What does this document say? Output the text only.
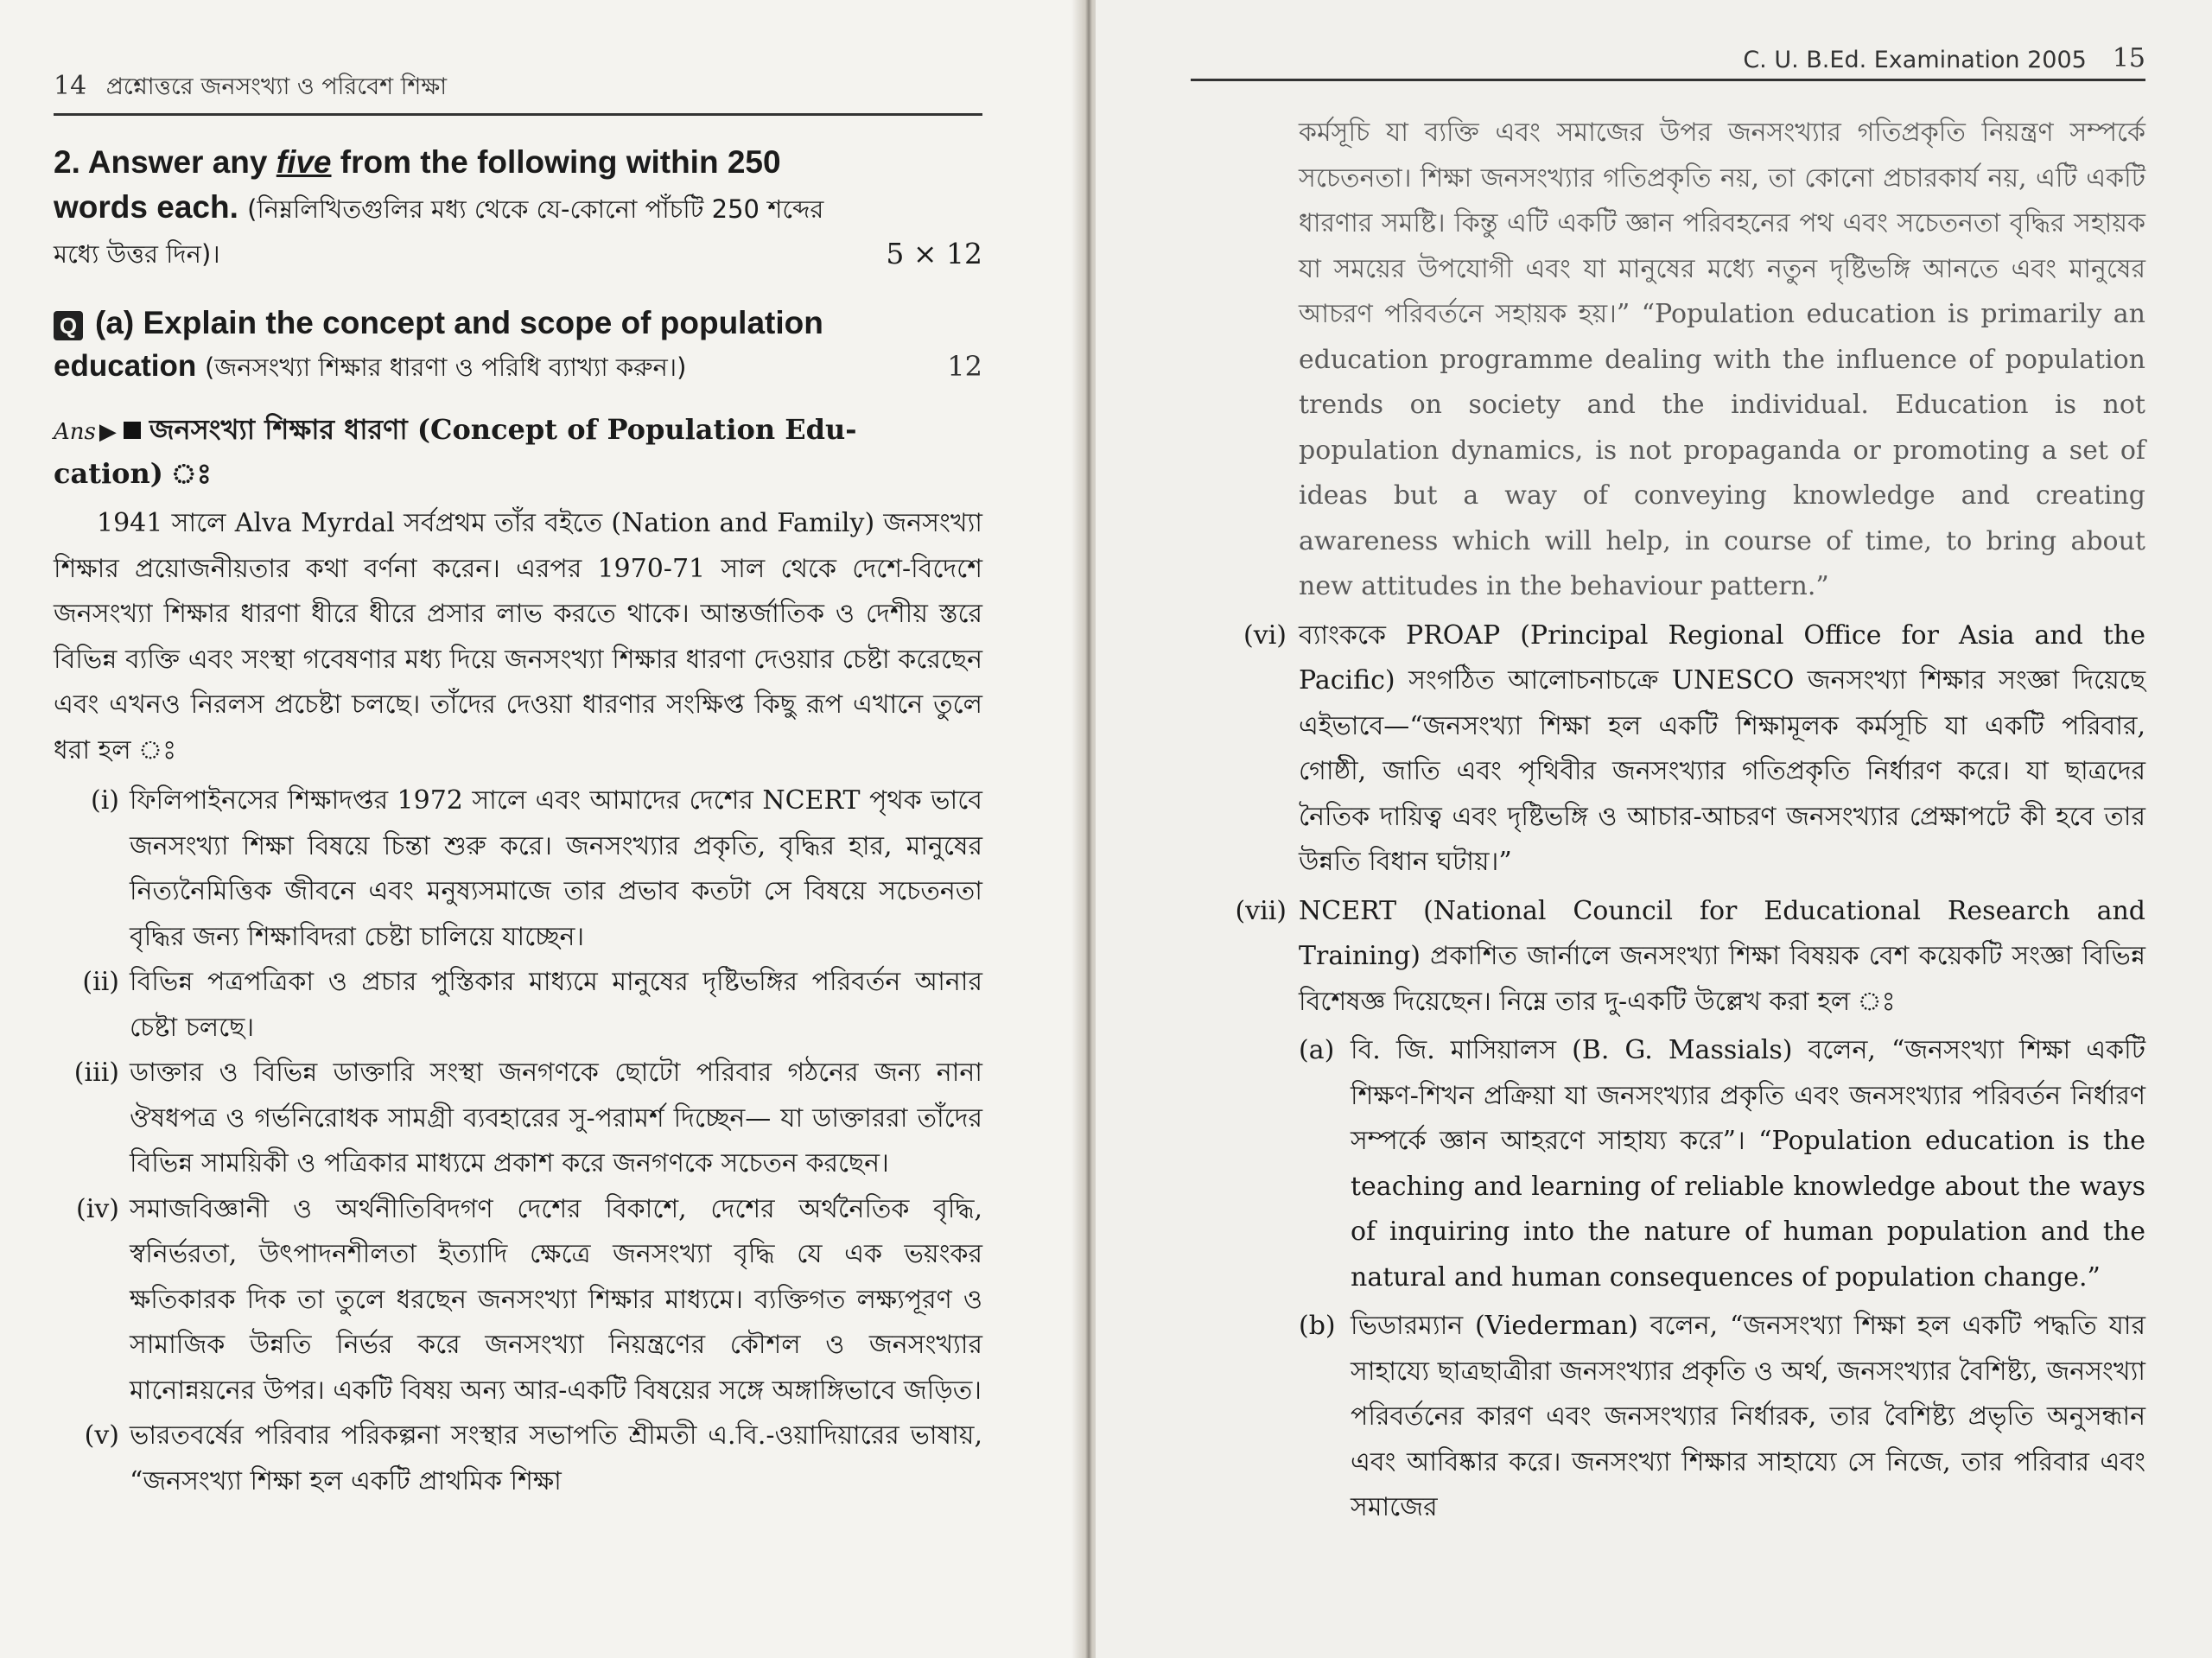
14 প্রশ্নোত্তরে জনসংখ্যা ও পরিবেশ শিক্ষা
2. Answer any five from the following within 250
words each. (নিম্নলিখিতগুলির মধ্য থেকে যে-কোনো পাঁচটি 250 শব্দের
মধ্যে উত্তর দিন)।	5 × 12
Q (a) Explain the concept and scope of population
education (জনসংখ্যা শিক্ষার ধারণা ও পরিধি ব্যাখ্যা করুন।)	12
Ans ▶ জনসংখ্যা শিক্ষার ধারণা (Concept of Population Edu-
cation) ঃ
1941 সালে Alva Myrdal সর্বপ্রথম তাঁর বইতে (Nation and Family) জনসংখ্যা শিক্ষার প্রয়োজনীয়তার কথা বর্ণনা করেন। এরপর 1970-71 সাল থেকে দেশে-বিদেশে জনসংখ্যা শিক্ষার ধারণা ধীরে ধীরে প্রসার লাভ করতে থাকে। আন্তর্জাতিক ও দেশীয় স্তরে বিভিন্ন ব্যক্তি এবং সংস্থা গবেষণার মধ্য দিয়ে জনসংখ্যা শিক্ষার ধারণা দেওয়ার চেষ্টা করেছেন এবং এখনও নিরলস প্রচেষ্টা চলছে। তাঁদের দেওয়া ধারণার সংক্ষিপ্ত কিছু রূপ এখানে তুলে ধরা হল ঃ
(i) ফিলিপাইনসের শিক্ষাদপ্তর 1972 সালে এবং আমাদের দেশের NCERT পৃথক ভাবে জনসংখ্যা শিক্ষা বিষয়ে চিন্তা শুরু করে। জনসংখ্যার প্রকৃতি, বৃদ্ধির হার, মানুষের নিত্যনৈমিত্তিক জীবনে এবং মনুষ্যসমাজে তার প্রভাব কতটা সে বিষয়ে সচেতনতা বৃদ্ধির জন্য শিক্ষাবিদরা চেষ্টা চালিয়ে যাচ্ছেন।
(ii) বিভিন্ন পত্রপত্রিকা ও প্রচার পুস্তিকার মাধ্যমে মানুষের দৃষ্টিভঙ্গির পরিবর্তন আনার চেষ্টা চলছে।
(iii) ডাক্তার ও বিভিন্ন ডাক্তারি সংস্থা জনগণকে ছোটো পরিবার গঠনের জন্য নানা ঔষধপত্র ও গর্ভনিরোধক সামগ্রী ব্যবহারের সু-পরামর্শ দিচ্ছেন— যা ডাক্তাররা তাঁদের বিভিন্ন সাময়িকী ও পত্রিকার মাধ্যমে প্রকাশ করে জনগণকে সচেতন করছেন।
(iv) সমাজবিজ্ঞানী ও অর্থনীতিবিদগণ দেশের বিকাশে, দেশের অর্থনৈতিক বৃদ্ধি, স্বনির্ভরতা, উৎপাদনশীলতা ইত্যাদি ক্ষেত্রে জনসংখ্যা বৃদ্ধি যে এক ভয়ংকর ক্ষতিকারক দিক তা তুলে ধরছেন জনসংখ্যা শিক্ষার মাধ্যমে। ব্যক্তিগত লক্ষ্যপূরণ ও সামাজিক উন্নতি নির্ভর করে জনসংখ্যা নিয়ন্ত্রণের কৌশল ও জনসংখ্যার মানোন্নয়নের উপর। একটি বিষয় অন্য আর-একটি বিষয়ের সঙ্গে অঙ্গাঙ্গিভাবে জড়িত।
(v) ভারতবর্ষের পরিবার পরিকল্পনা সংস্থার সভাপতি শ্রীমতী এ.বি.-ওয়াদিয়ারের ভাষায়, “জনসংখ্যা শিক্ষা হল একটি প্রাথমিক শিক্ষা
C. U. B.Ed. Examination 2005 15
কর্মসূচি যা ব্যক্তি এবং সমাজের উপর জনসংখ্যার গতিপ্রকৃতি নিয়ন্ত্রণ সম্পর্কে সচেতনতা। শিক্ষা জনসংখ্যার গতিপ্রকৃতি নয়, তা কোনো প্রচারকার্য নয়, এটি একটি ধারণার সমষ্টি। কিন্তু এটি একটি জ্ঞান পরিবহনের পথ এবং সচেতনতা বৃদ্ধির সহায়ক যা সময়ের উপযোগী এবং যা মানুষের মধ্যে নতুন দৃষ্টিভঙ্গি আনতে এবং মানুষের আচরণ পরিবর্তনে সহায়ক হয়।” “Population education is primarily an education programme dealing with the influence of population trends on society and the individual. Education is not population dynamics, is not propaganda or promoting a set of ideas but a way of conveying knowledge and creating awareness which will help, in course of time, to bring about new attitudes in the behaviour pattern.”
(vi) ব্যাংককে PROAP (Principal Regional Office for Asia and the Pacific) সংগঠিত আলোচনাচক্রে UNESCO জনসংখ্যা শিক্ষার সংজ্ঞা দিয়েছে এইভাবে—“জনসংখ্যা শিক্ষা হল একটি শিক্ষামূলক কর্মসূচি যা একটি পরিবার, গোষ্ঠী, জাতি এবং পৃথিবীর জনসংখ্যার গতিপ্রকৃতি নির্ধারণ করে। যা ছাত্রদের নৈতিক দায়িত্ব এবং দৃষ্টিভঙ্গি ও আচার-আচরণ জনসংখ্যার প্রেক্ষাপটে কী হবে তার উন্নতি বিধান ঘটায়।”
(vii) NCERT (National Council for Educational Research and Training) প্রকাশিত জার্নালে জনসংখ্যা শিক্ষা বিষয়ক বেশ কয়েকটি সংজ্ঞা বিভিন্ন বিশেষজ্ঞ দিয়েছেন। নিম্নে তার দু-একটি উল্লেখ করা হল ঃ
(a) বি. জি. মাসিয়ালস (B. G. Massials) বলেন, “জনসংখ্যা শিক্ষা একটি শিক্ষণ-শিখন প্রক্রিয়া যা জনসংখ্যার প্রকৃতি এবং জনসংখ্যার পরিবর্তন নির্ধারণ সম্পর্কে জ্ঞান আহরণে সাহায্য করে”। “Population education is the teaching and learning of reliable knowledge about the ways of inquiring into the nature of human population and the natural and human consequences of population change.”
(b) ভিডারম্যান (Viederman) বলেন, “জনসংখ্যা শিক্ষা হল একটি পদ্ধতি যার সাহায্যে ছাত্রছাত্রীরা জনসংখ্যার প্রকৃতি ও অর্থ, জনসংখ্যার বৈশিষ্ট্য, জনসংখ্যা পরিবর্তনের কারণ এবং জনসংখ্যার নির্ধারক, তার বৈশিষ্ট্য প্রভৃতি অনুসন্ধান এবং আবিষ্কার করে। জনসংখ্যা শিক্ষার সাহায্যে সে নিজে, তার পরিবার এবং সমাজের
